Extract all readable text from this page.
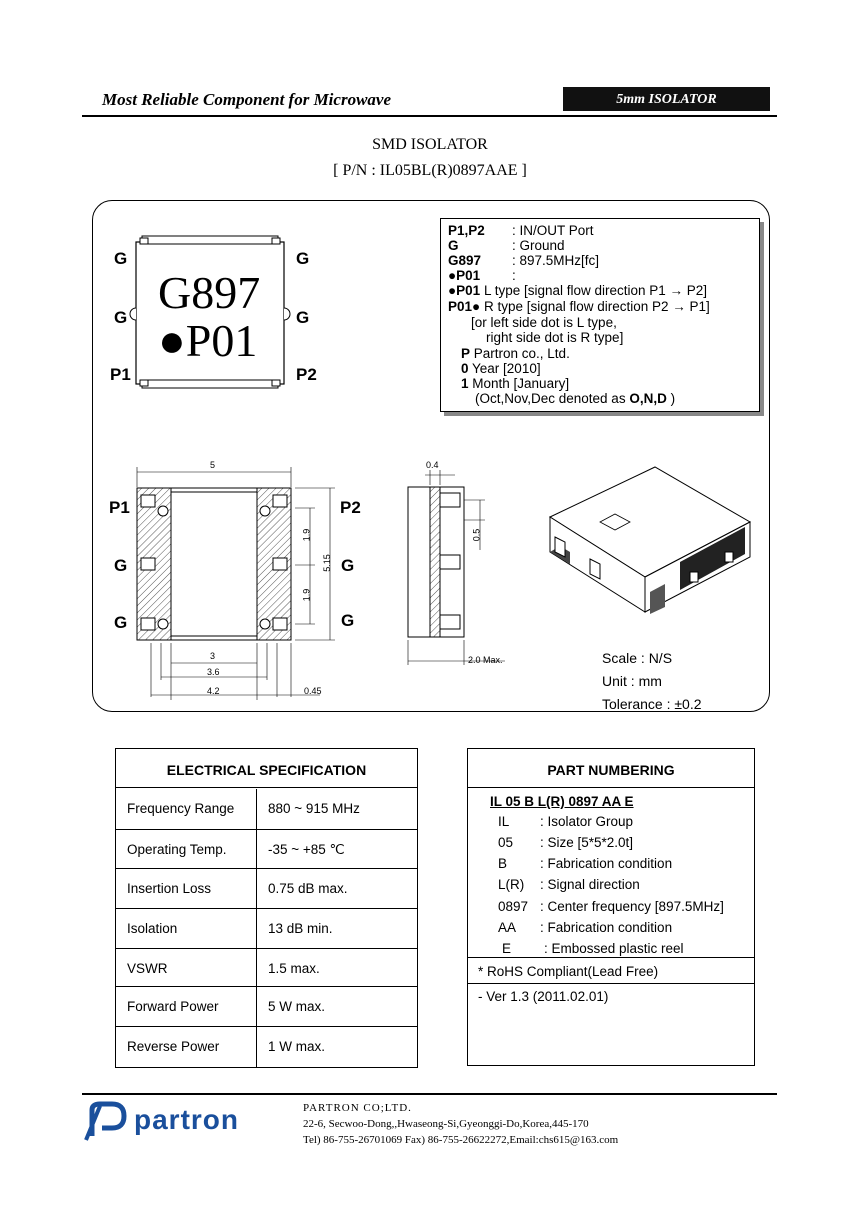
Most Reliable Component for Microwave	5mm ISOLATOR
SMD ISOLATOR
[ P/N : IL05BL(R)0897AAE ]
G897
●P01
G	G
G	G
P1	P2
P1,P2 : IN/OUT Port
G	: Ground
G897 : 897.5MHz[fc]
●P01 :
●P01 L type [signal flow direction P1 → P2]
P01● R type [signal flow direction P2 → P1]
[or left side dot is L type,
right side dot is R type]
P Partron co., Ltd.
0 Year [2010]
1 Month [January]
(Oct,Nov,Dec denoted as O,N,D )
5
1.9
5.15
1.9
3
3.6
4.2	0.45
P1	P2
G
G
G
G
0.4
0.5
2.0 Max.	Scale : N/S
Unit : mm
Tolerance : ±0.2
ELECTRICAL SPECIFICATION
Frequency Range 880 ~ 915 MHz
Operating Temp.	-35 ~ +85 ℃
Insertion Loss	0.75 dB max.
Isolation	13 dB min.
VSWR	1.5 max.
Forward Power	5 W max.
Reverse Power	1 W max.
PART NUMBERING
IL 05 B L(R) 0897 AA E
IL : Isolator Group
05 : Size [5*5*2.0t]
B : Fabrication condition
L(R) : Signal direction
0897 : Center frequency [897.5MHz]
AA : Fabrication condition
E : Embossed plastic reel
* RoHS Compliant(Lead Free)
- Ver 1.3 (2011.02.01)
partron	PARTRON CO;LTD.
22-6, Secwoo-Dong,,Hwaseong-Si,Gyeonggi-Do,Korea,445-170
Tel) 86-755-26701069 Fax) 86-755-26622272,Email:chs615@163.com
